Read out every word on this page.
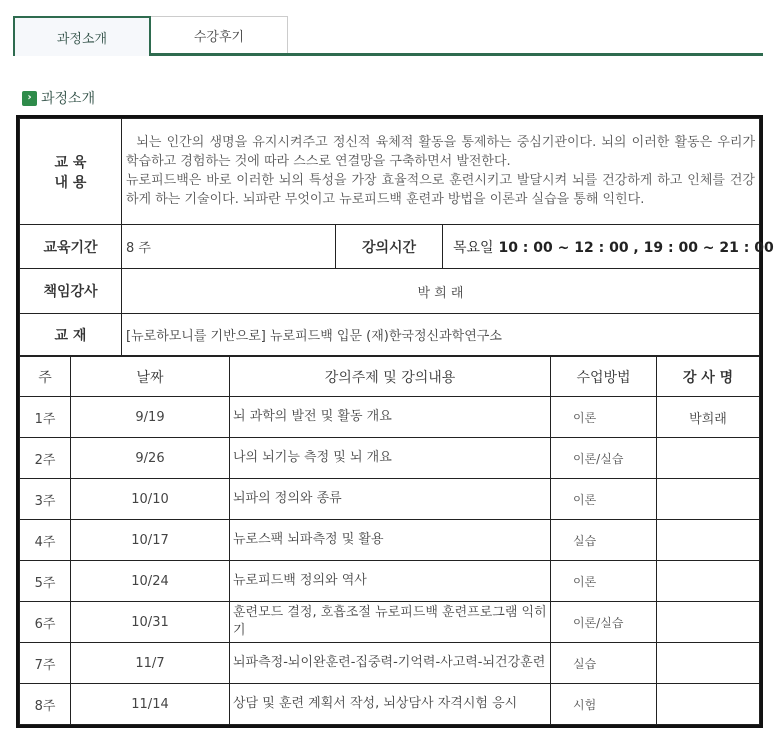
과정소개	수강후기
› 과정소개
교 육
내 용

뇌는 인간의 생명을 유지시켜주고 정신적 육체적 활동을 통제하는 중심기관이다. 뇌의 이러한 활동은 우리가 학습하고 경험하는 것에 따라 스스로 연결망을 구축하면서 발전한다.
뉴로피드백은 바로 이러한 뇌의 특성을 가장 효율적으로 훈련시키고 발달시켜 뇌를 건강하게 하고 인체를 건강하게 하는 기술이다. 뇌파란 무엇이고 뉴로피드백 훈련과 방법을 이론과 실습을 통해 익힌다.

교육기간	8 주	강의시간	목요일 10 : 00 ~ 12 : 00 , 19 : 00 ~ 21 : 00
책임강사	박 희 래		
교 재	[뉴로하모니를 기반으로] 뉴로피드백 입문 (재)한국정신과학연구소		
주	날짜	강의주제 및 강의내용	수업방법	강 사 명
1주	9/19	뇌 과학의 발전 및 활동 개요	이론	박희래
2주	9/26	나의 뇌기능 측정 및 뇌 개요	이론/실습	
3주	10/10	뇌파의 정의와 종류	이론	
4주	10/17	뉴로스팩 뇌파측정 및 활용	실습	
5주	10/24	뉴로피드백 정의와 역사	이론	
6주	10/31	훈련모드 결정, 호흡조절 뉴로피드백 훈련프로그램 익히기	이론/실습	
7주	11/7	뇌파측정-뇌이완훈련-집중력-기억력-사고력-뇌건강훈련	실습	
8주	11/14	상담 및 훈련 계획서 작성, 뇌상담사 자격시험 응시	시험	
